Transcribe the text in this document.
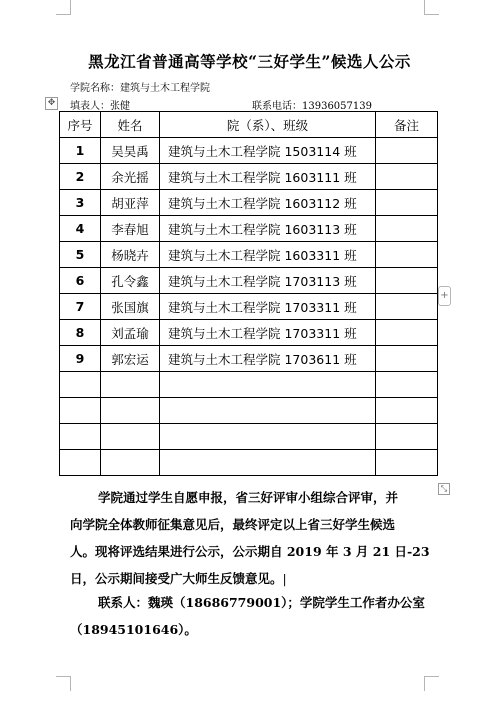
黑龙江省普通高等学校“三好学生”候选人公示
学院名称：建筑与土木工程学院
填表人：张健	联系电话：13936057139
✥
+
⤡
序号	姓名	院（系）、班级	备注
1	吴昊禹	建筑与土木工程学院 1503114 班	
2	余光摇	建筑与土木工程学院 1603111 班	
3	胡亚萍	建筑与土木工程学院 1603112 班	
4	李春旭	建筑与土木工程学院 1603113 班	
5	杨晓卉	建筑与土木工程学院 1603311 班	
6	孔令鑫	建筑与土木工程学院 1703113 班	
7	张国旗	建筑与土木工程学院 1703311 班	
8	刘孟瑜	建筑与土木工程学院 1703311 班	
9	郭宏运	建筑与土木工程学院 1703611 班	

学院通过学生自愿申报，省三好评审小组综合评审，并

向学院全体教师征集意见后，最终评定以上省三好学生候选

人。现将评选结果进行公示，公示期自 2019 年 3 月 21 日-23

日，公示期间接受广大师生反馈意见。|

联系人：魏瑛（18686779001）；学院学生工作者办公室

（18945101646）。
